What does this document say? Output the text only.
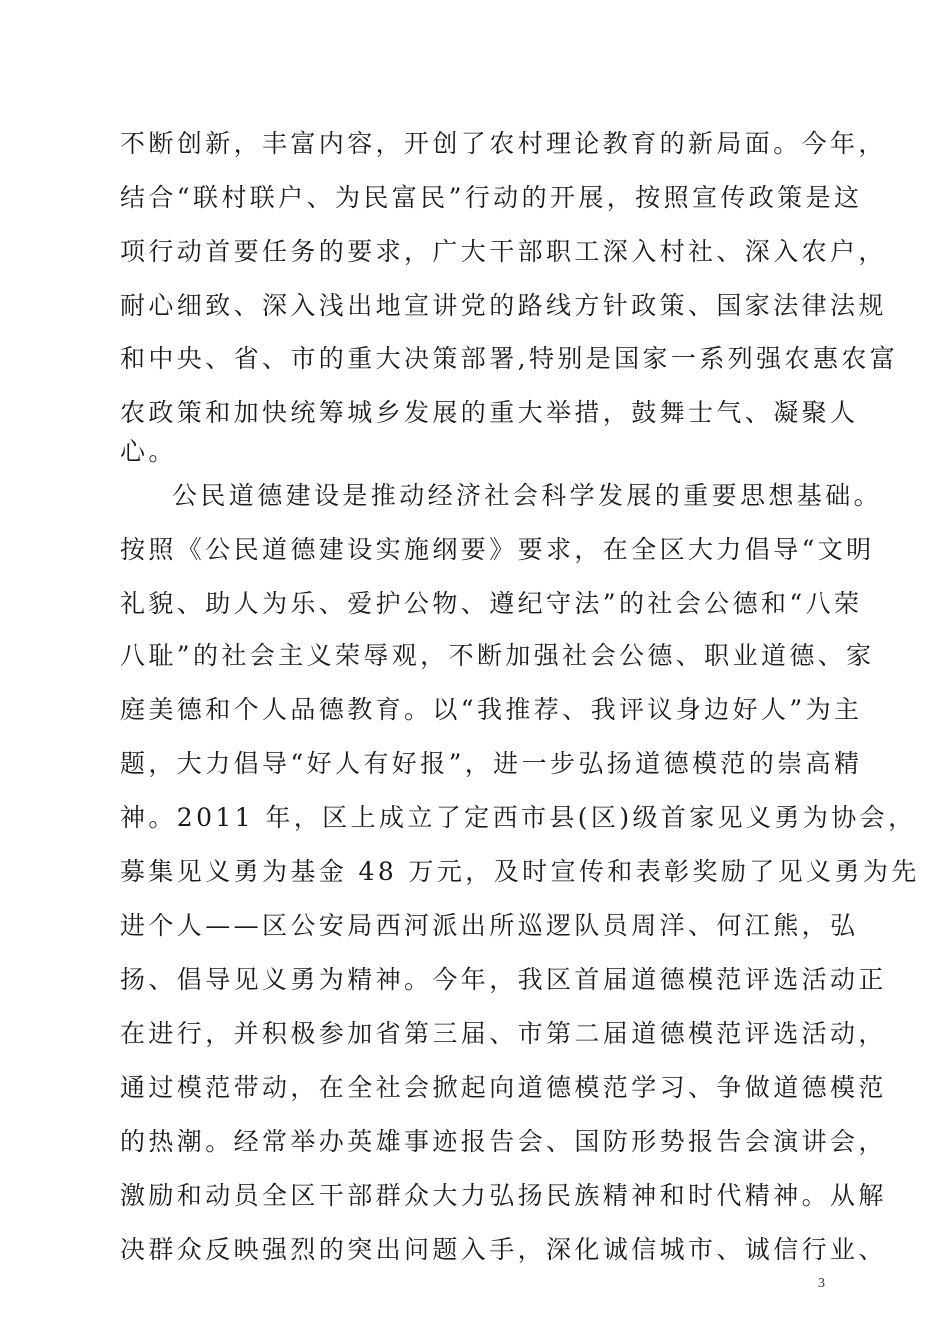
不断创新，丰富内容，开创了农村理论教育的新局面。今年，
结合“联村联户、为民富民”行动的开展，按照宣传政策是这
项行动首要任务的要求，广大干部职工深入村社、深入农户，
耐心细致、深入浅出地宣讲党的路线方针政策、国家法律法规
和中央、省、市的重大决策部署,特别是国家一系列强农惠农富
农政策和加快统筹城乡发展的重大举措，鼓舞士气、凝聚人
心。
公民道德建设是推动经济社会科学发展的重要思想基础。
按照《公民道德建设实施纲要》要求，在全区大力倡导“文明
礼貌、助人为乐、爱护公物、遵纪守法”的社会公德和“八荣
八耻”的社会主义荣辱观，不断加强社会公德、职业道德、家
庭美德和个人品德教育。以“我推荐、我评议身边好人”为主
题，大力倡导“好人有好报”，进一步弘扬道德模范的崇高精
神。2011 年，区上成立了定西市县(区)级首家见义勇为协会，
募集见义勇为基金 48 万元，及时宣传和表彰奖励了见义勇为先
进个人——区公安局西河派出所巡逻队员周洋、何江熊，弘
扬、倡导见义勇为精神。今年，我区首届道德模范评选活动正
在进行，并积极参加省第三届、市第二届道德模范评选活动，
通过模范带动，在全社会掀起向道德模范学习、争做道德模范
的热潮。经常举办英雄事迹报告会、国防形势报告会演讲会，
激励和动员全区干部群众大力弘扬民族精神和时代精神。从解
决群众反映强烈的突出问题入手，深化诚信城市、诚信行业、
3
